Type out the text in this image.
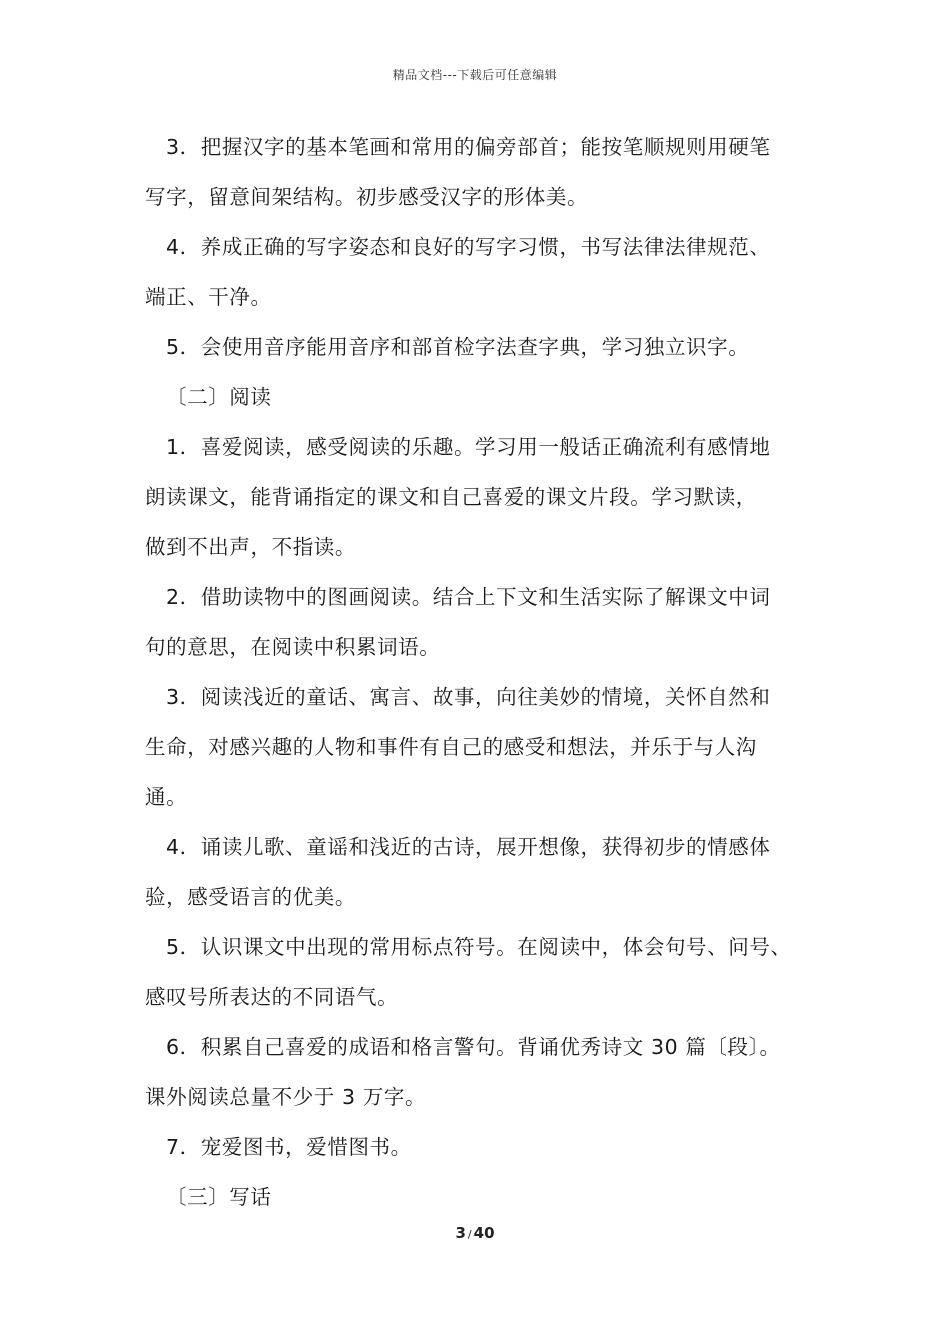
精品文档---下载后可任意编辑
3．把握汉字的基本笔画和常用的偏旁部首；能按笔顺规则用硬笔
写字，留意间架结构。初步感受汉字的形体美。
4．养成正确的写字姿态和良好的写字习惯，书写法律法律规范、
端正、干净。
5．会使用音序能用音序和部首检字法查字典，学习独立识字。
〔二〕阅读
1．喜爱阅读，感受阅读的乐趣。学习用一般话正确流利有感情地
朗读课文，能背诵指定的课文和自己喜爱的课文片段。学习默读，
做到不出声，不指读。
2．借助读物中的图画阅读。结合上下文和生活实际了解课文中词
句的意思，在阅读中积累词语。
3．阅读浅近的童话、寓言、故事，向往美妙的情境，关怀自然和
生命，对感兴趣的人物和事件有自己的感受和想法，并乐于与人沟
通。
4．诵读儿歌、童谣和浅近的古诗，展开想像，获得初步的情感体
验，感受语言的优美。
5．认识课文中出现的常用标点符号。在阅读中，体会句号、问号、
感叹号所表达的不同语气。
6．积累自己喜爱的成语和格言警句。背诵优秀诗文 30 篇〔段〕。
课外阅读总量不少于 3 万字。
7．宠爱图书，爱惜图书。
〔三〕写话
3 / 40
